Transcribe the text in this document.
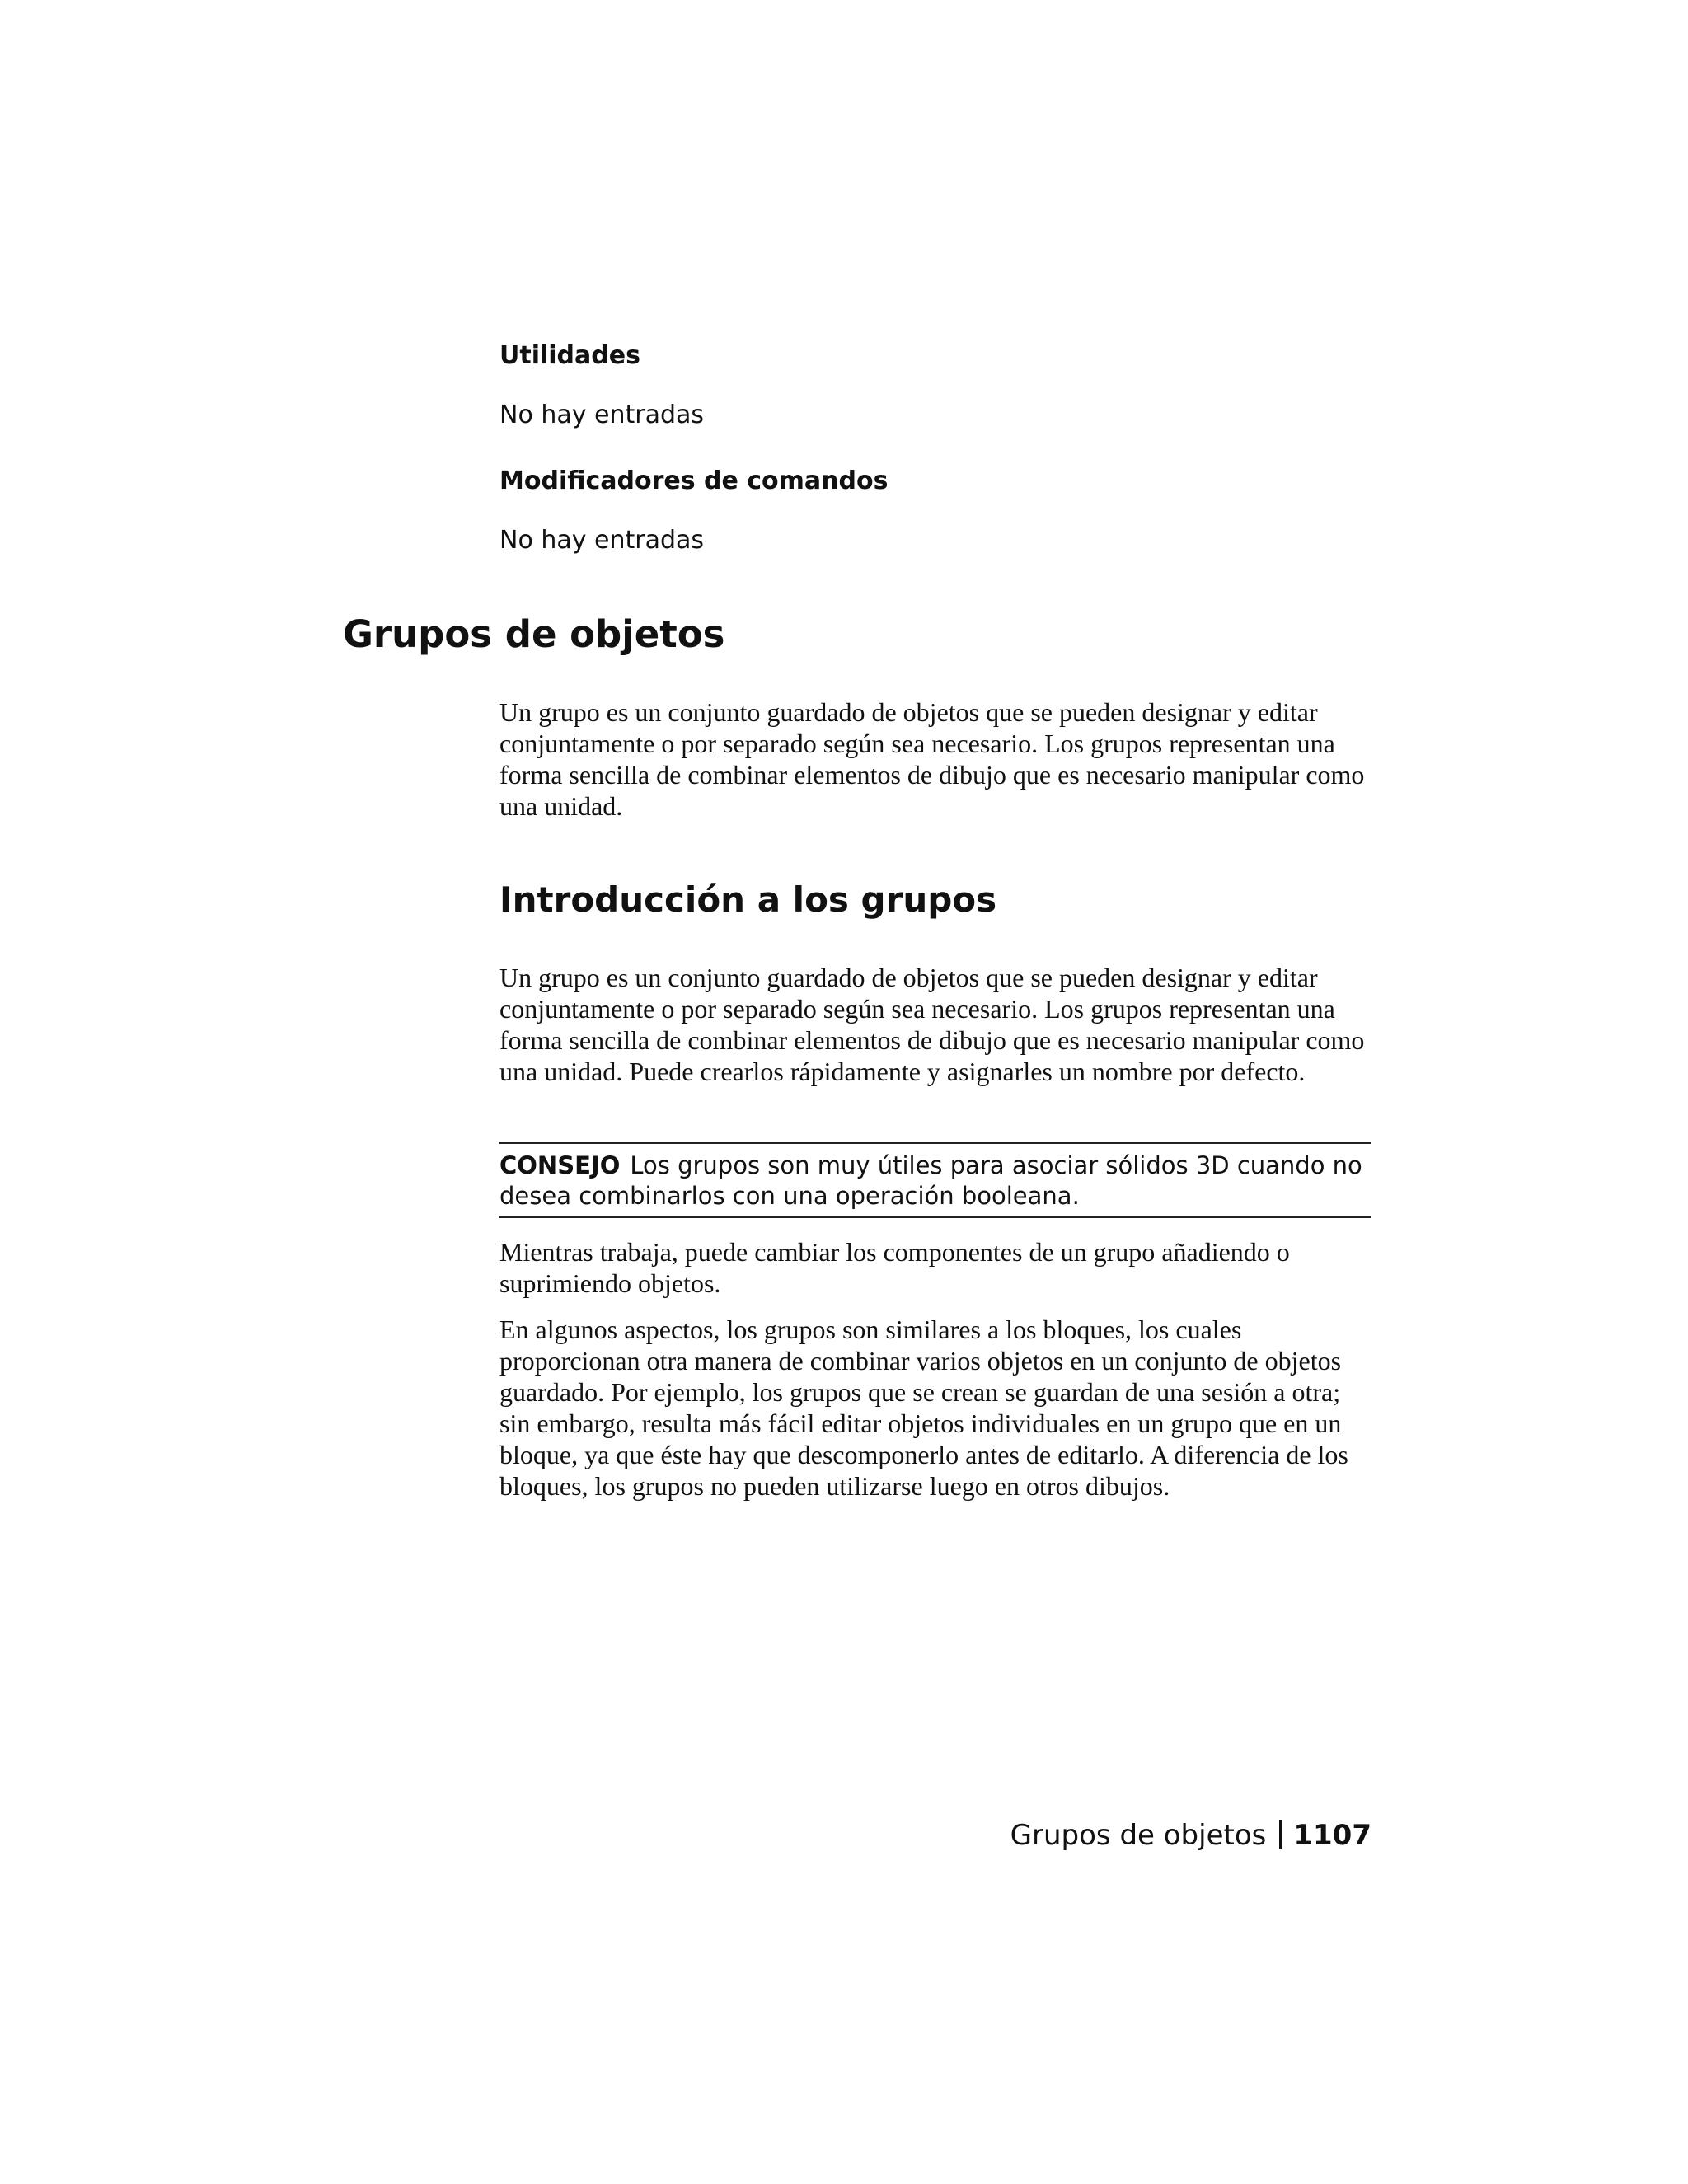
Utilidades

No hay entradas

Modificadores de comandos

No hay entradas

Grupos de objetos

Un grupo es un conjunto guardado de objetos que se pueden designar y editar conjuntamente o por separado según sea necesario. Los grupos representan una forma sencilla de combinar elementos de dibujo que es necesario manipular como una unidad.

Introducción a los grupos

Un grupo es un conjunto guardado de objetos que se pueden designar y editar conjuntamente o por separado según sea necesario. Los grupos representan una forma sencilla de combinar elementos de dibujo que es necesario manipular como una unidad. Puede crearlos rápidamente y asignarles un nombre por defecto.

CONSEJO Los grupos son muy útiles para asociar sólidos 3D cuando no desea combinarlos con una operación booleana.

Mientras trabaja, puede cambiar los componentes de un grupo añadiendo o suprimiendo objetos.

En algunos aspectos, los grupos son similares a los bloques, los cuales proporcionan otra manera de combinar varios objetos en un conjunto de objetos guardado. Por ejemplo, los grupos que se crean se guardan de una sesión a otra; sin embargo, resulta más fácil editar objetos individuales en un grupo que en un bloque, ya que éste hay que descomponerlo antes de editarlo. A diferencia de los bloques, los grupos no pueden utilizarse luego en otros dibujos.

Grupos de objetos 1107
